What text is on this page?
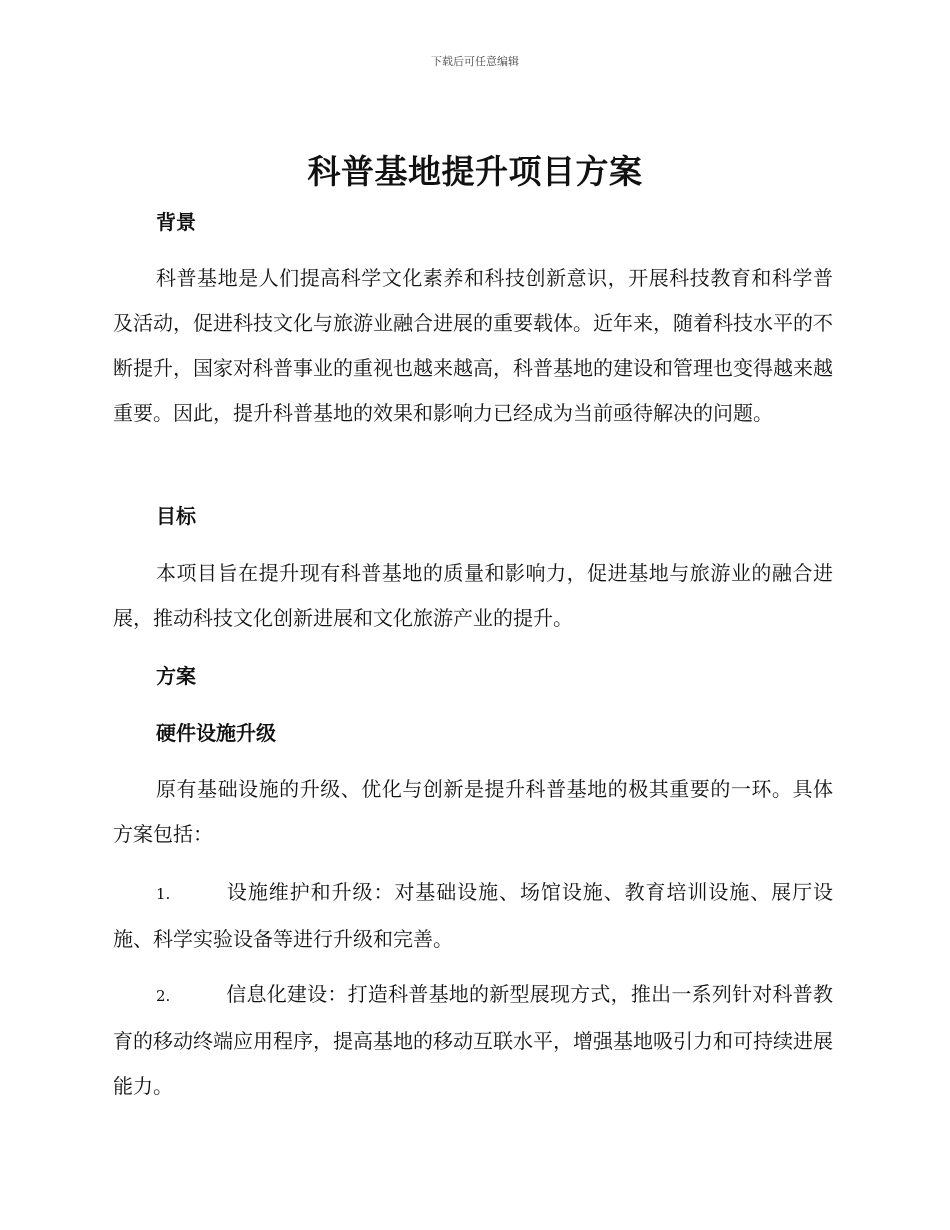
下载后可任意编辑
科普基地提升项目方案
背景
科普基地是人们提高科学文化素养和科技创新意识，开展科技教育和科学普及活动，促进科技文化与旅游业融合进展的重要载体。近年来，随着科技水平的不断提升，国家对科普事业的重视也越来越高，科普基地的建设和管理也变得越来越重要。因此，提升科普基地的效果和影响力已经成为当前亟待解决的问题。
目标
本项目旨在提升现有科普基地的质量和影响力，促进基地与旅游业的融合进展，推动科技文化创新进展和文化旅游产业的提升。
方案
硬件设施升级
原有基础设施的升级、优化与创新是提升科普基地的极其重要的一环。具体方案包括：
1.	设施维护和升级：对基础设施、场馆设施、教育培训设施、展厅设施、科学实验设备等进行升级和完善。
2.	信息化建设：打造科普基地的新型展现方式，推出一系列针对科普教育的移动终端应用程序，提高基地的移动互联水平，增强基地吸引力和可持续进展能力。
